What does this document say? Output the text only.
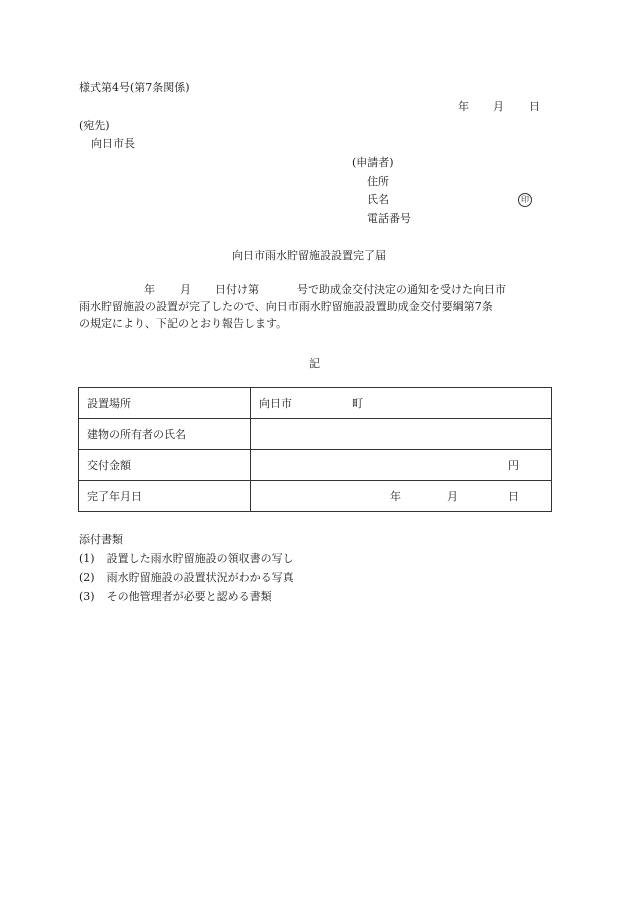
様式第4号(第7条関係)
年 月 日
(宛先)
向日市長
(申請者)
住所
氏名	印
電話番号
向日市雨水貯留施設設置完了届
年 月 日付け第	号で助成金交付決定の通知を受けた向日市
雨水貯留施設の設置が完了したので、向日市雨水貯留施設設置助成金交付要綱第7条
の規定により、下記のとおり報告します。
記
設置場所	向日市 町

建物の所有者の氏名	
交付金額	円

完了年月日	年 月 日
添付書類
(1) 設置した雨水貯留施設の領収書の写し
(2) 雨水貯留施設の設置状況がわかる写真
(3) その他管理者が必要と認める書類
